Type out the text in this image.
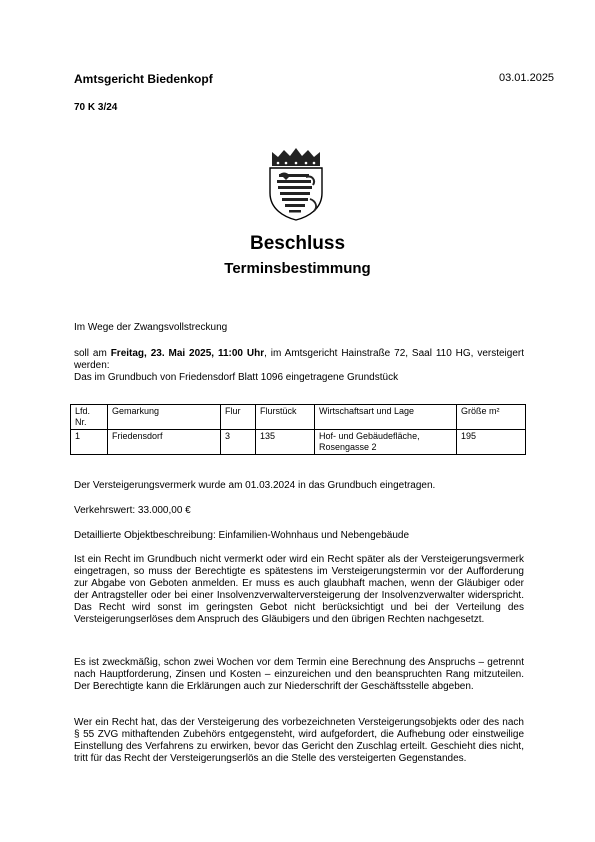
Amtsgericht Biedenkopf	03.01.2025
70 K 3/24
Beschluss
Terminsbestimmung

Im Wege der Zwangsvollstreckung

soll am Freitag, 23. Mai 2025, 11:00 Uhr, im Amtsgericht Hainstraße 72, Saal 110 HG, versteigert werden:

Das im Grundbuch von Friedensdorf Blatt 1096 eingetragene Grundstück

Lfd. Nr.	Gemarkung	Flur	Flurstück	Wirtschaftsart und Lage	Größe m²
1	Friedensdorf	3	135	Hof- und Gebäudefläche, Rosengasse 2	195

Der Versteigerungsvermerk wurde am 01.03.2024 in das Grundbuch eingetragen.

Verkehrswert: 33.000,00 €

Detaillierte Objektbeschreibung: Einfamilien-Wohnhaus und Nebengebäude

Ist ein Recht im Grundbuch nicht vermerkt oder wird ein Recht später als der Versteigerungsvermerk eingetragen, so muss der Berechtigte es spätestens im Versteigerungstermin vor der Aufforderung zur Abgabe von Geboten anmelden. Er muss es auch glaubhaft machen, wenn der Gläubiger oder der Antragsteller oder bei einer Insolvenzverwalterversteigerung der Insolvenzverwalter widerspricht. Das Recht wird sonst im geringsten Gebot nicht berücksichtigt und bei der Verteilung des Versteigerungserlöses dem Anspruch des Gläubigers und den übrigen Rechten nachgesetzt.

Es ist zweckmäßig, schon zwei Wochen vor dem Termin eine Berechnung des Anspruchs – getrennt nach Hauptforderung, Zinsen und Kosten – einzureichen und den beanspruchten Rang mitzuteilen. Der Berechtigte kann die Erklärungen auch zur Niederschrift der Geschäftsstelle abgeben.

Wer ein Recht hat, das der Versteigerung des vorbezeichneten Versteigerungsobjekts oder des nach § 55 ZVG mithaftenden Zubehörs entgegensteht, wird aufgefordert, die Aufhebung oder einstweilige Einstellung des Verfahrens zu erwirken, bevor das Gericht den Zuschlag erteilt. Geschieht dies nicht, tritt für das Recht der Versteigerungserlös an die Stelle des versteigerten Gegenstandes.
